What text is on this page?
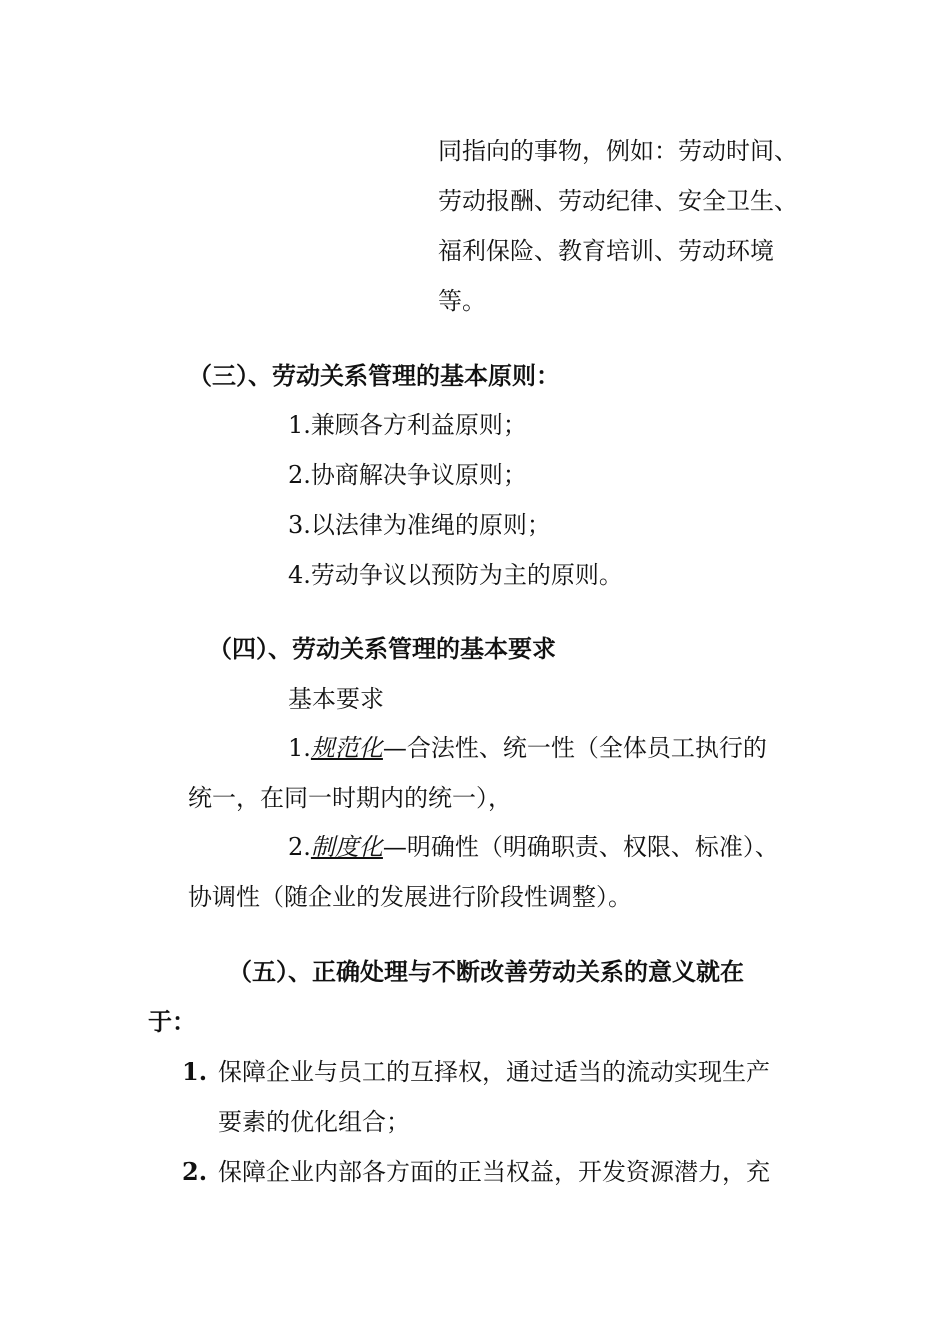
同指向的事物，例如：劳动时间、
劳动报酬、劳动纪律、安全卫生、
福利保险、教育培训、劳动环境
等。
（三）、劳动关系管理的基本原则：
1.兼顾各方利益原则；
2.协商解决争议原则；
3.以法律为准绳的原则；
4.劳动争议以预防为主的原则。
（四）、劳动关系管理的基本要求
基本要求
1.规范化—合法性、统一性（全体员工执行的
统一，在同一时期内的统一），
2.制度化—明确性（明确职责、权限、标准）、
协调性（随企业的发展进行阶段性调整）。
（五）、正确处理与不断改善劳动关系的意义就在
于：
1. 保障企业与员工的互择权，通过适当的流动实现生产
要素的优化组合；
2. 保障企业内部各方面的正当权益，开发资源潜力，充
